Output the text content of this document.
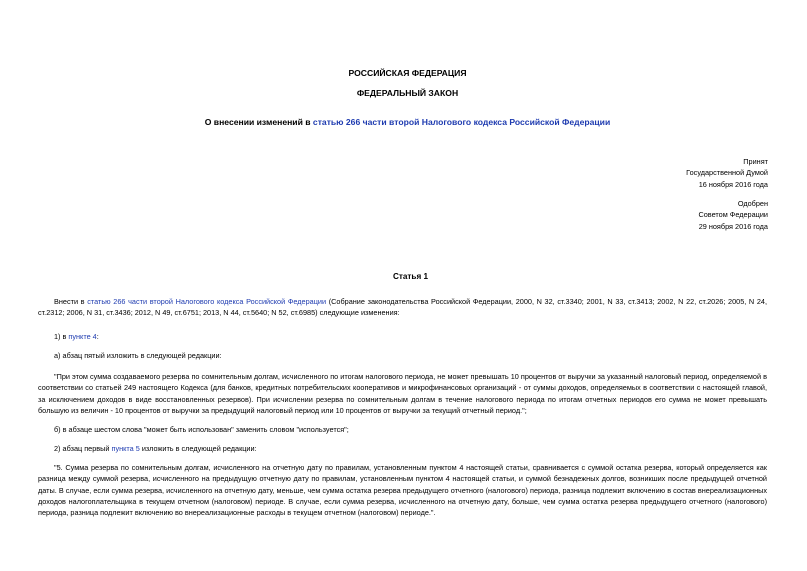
РОССИЙСКАЯ ФЕДЕРАЦИЯ
ФЕДЕРАЛЬНЫЙ ЗАКОН
О внесении изменений в статью 266 части второй Налогового кодекса Российской Федерации
Принят
Государственной Думой
16 ноября 2016 года
Одобрен
Советом Федерации
29 ноября 2016 года
Статья 1
Внести в статью 266 части второй Налогового кодекса Российской Федерации (Собрание законодательства Российской Федерации, 2000, N 32, ст.3340; 2001, N 33, ст.3413; 2002, N 22, ст.2026; 2005, N 24, ст.2312; 2006, N 31, ст.3436; 2012, N 49, ст.6751; 2013, N 44, ст.5640; N 52, ст.6985) следующие изменения:
1) в пункте 4:
а) абзац пятый изложить в следующей редакции:
"При этом сумма создаваемого резерва по сомнительным долгам, исчисленного по итогам налогового периода, не может превышать 10 процентов от выручки за указанный налоговый период, определяемой в соответствии со статьей 249 настоящего Кодекса (для банков, кредитных потребительских кооперативов и микрофинансовых организаций - от суммы доходов, определяемых в соответствии с настоящей главой, за исключением доходов в виде восстановленных резервов). При исчислении резерва по сомнительным долгам в течение налогового периода по итогам отчетных периодов его сумма не может превышать большую из величин - 10 процентов от выручки за предыдущий налоговый период или 10 процентов от выручки за текущий отчетный период.";
б) в абзаце шестом слова "может быть использован" заменить словом "используется";
2) абзац первый пункта 5 изложить в следующей редакции:
"5. Сумма резерва по сомнительным долгам, исчисленного на отчетную дату по правилам, установленным пунктом 4 настоящей статьи, сравнивается с суммой остатка резерва, который определяется как разница между суммой резерва, исчисленного на предыдущую отчетную дату по правилам, установленным пунктом 4 настоящей статьи, и суммой безнадежных долгов, возникших после предыдущей отчетной даты. В случае, если сумма резерва, исчисленного на отчетную дату, меньше, чем сумма остатка резерва предыдущего отчетного (налогового) периода, разница подлежит включению в состав внереализационных доходов налогоплательщика в текущем отчетном (налоговом) периоде. В случае, если сумма резерва, исчисленного на отчетную дату, больше, чем сумма остатка резерва предыдущего отчетного (налогового) периода, разница подлежит включению во внереализационные расходы в текущем отчетном (налоговом) периоде.".
